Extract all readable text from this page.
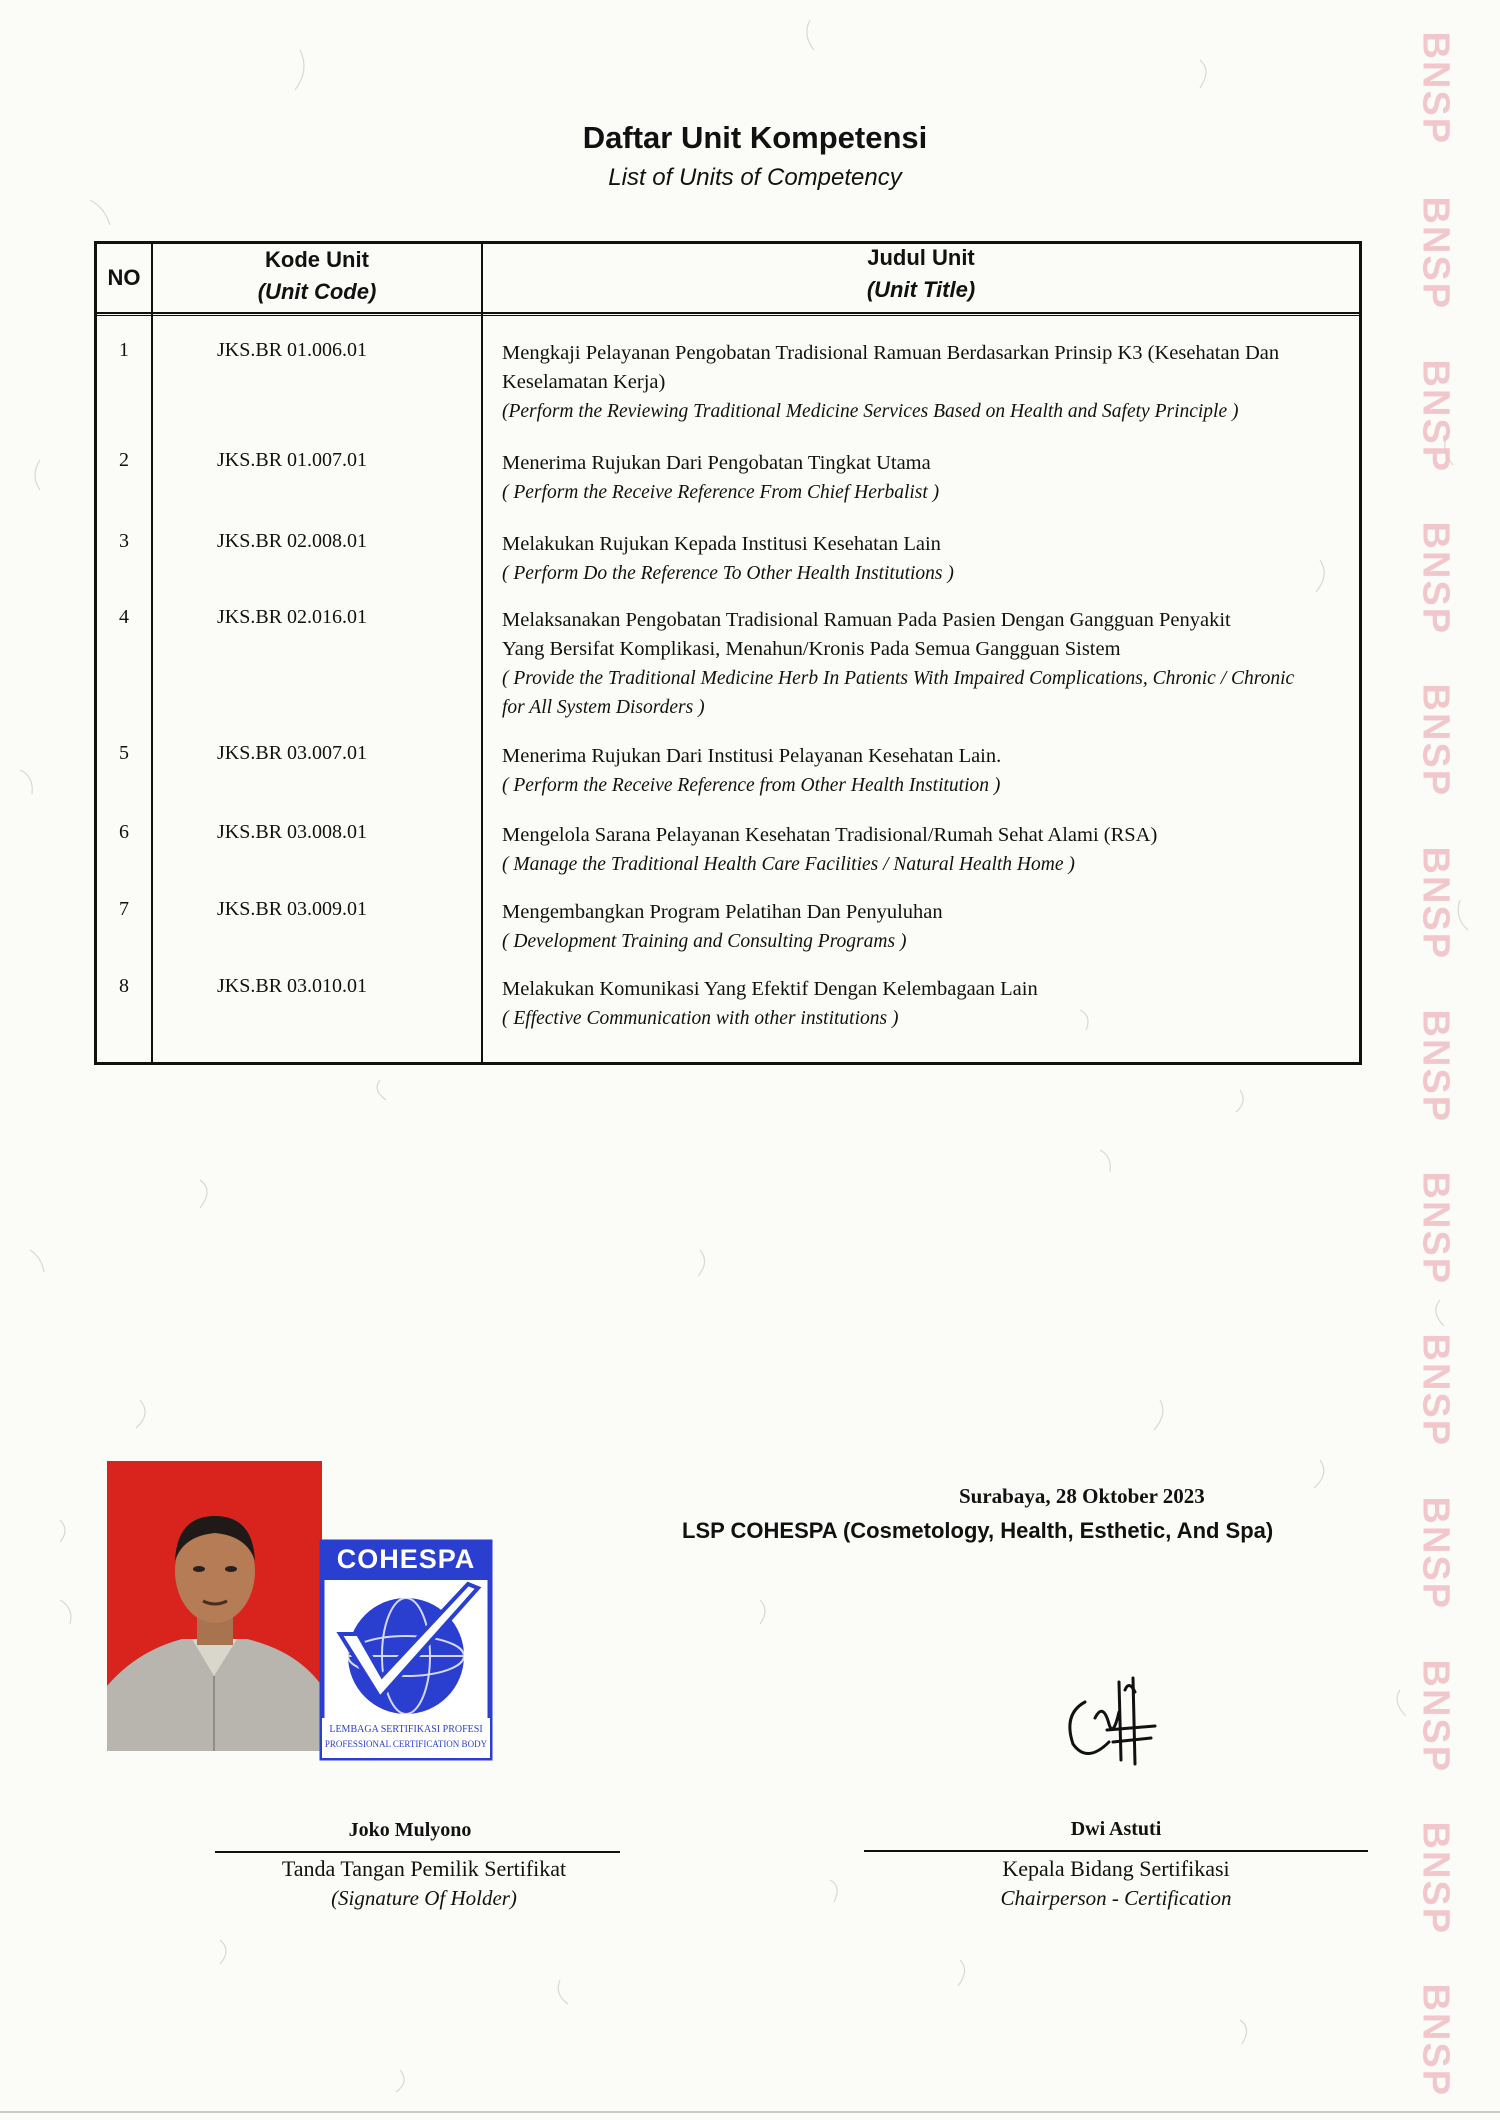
BNSP
BNSP
BNSP
BNSP
BNSP
BNSP
BNSP
BNSP
BNSP
BNSP
BNSP
BNSP
BNSP
Daftar Unit Kompetensi
List of Units of Competency
NO
Kode Unit
(Unit Code)
Judul Unit
(Unit Title)
1	JKS.BR 01.006.01	Mengkaji Pelayanan Pengobatan Tradisional Ramuan Berdasarkan Prinsip K3 (Kesehatan Dan
Keselamatan Kerja)
(Perform the Reviewing Traditional Medicine Services Based on Health and Safety Principle )
2	JKS.BR 01.007.01	Menerima Rujukan Dari Pengobatan Tingkat Utama
( Perform the Receive Reference From Chief Herbalist )
3	JKS.BR 02.008.01	Melakukan Rujukan Kepada Institusi Kesehatan Lain
( Perform Do the Reference To Other Health Institutions )
4	JKS.BR 02.016.01	Melaksanakan Pengobatan Tradisional Ramuan Pada Pasien Dengan Gangguan Penyakit
Yang Bersifat Komplikasi, Menahun/Kronis Pada Semua Gangguan Sistem
( Provide the Traditional Medicine Herb In Patients With Impaired Complications, Chronic / Chronic
for All System Disorders )
5	JKS.BR 03.007.01	Menerima Rujukan Dari Institusi Pelayanan Kesehatan Lain.
( Perform the Receive Reference from Other Health Institution )
6	JKS.BR 03.008.01	Mengelola Sarana Pelayanan Kesehatan Tradisional/Rumah Sehat Alami (RSA)
( Manage the Traditional Health Care Facilities / Natural Health Home )
7	JKS.BR 03.009.01	Mengembangkan Program Pelatihan Dan Penyuluhan
( Development Training and Consulting Programs )
8	JKS.BR 03.010.01	Melakukan Komunikasi Yang Efektif Dengan Kelembagaan Lain
( Effective Communication with other institutions )
Surabaya, 28 Oktober 2023
LSP COHESPA (Cosmetology, Health, Esthetic, And Spa)
COHESPA
LEMBAGA SERTIFIKASI PROFESI
PROFESSIONAL CERTIFICATION BODY
Joko Mulyono
Tanda Tangan Pemilik Sertifikat
(Signature Of Holder)
Dwi Astuti
Kepala Bidang Sertifikasi
Chairperson - Certification
